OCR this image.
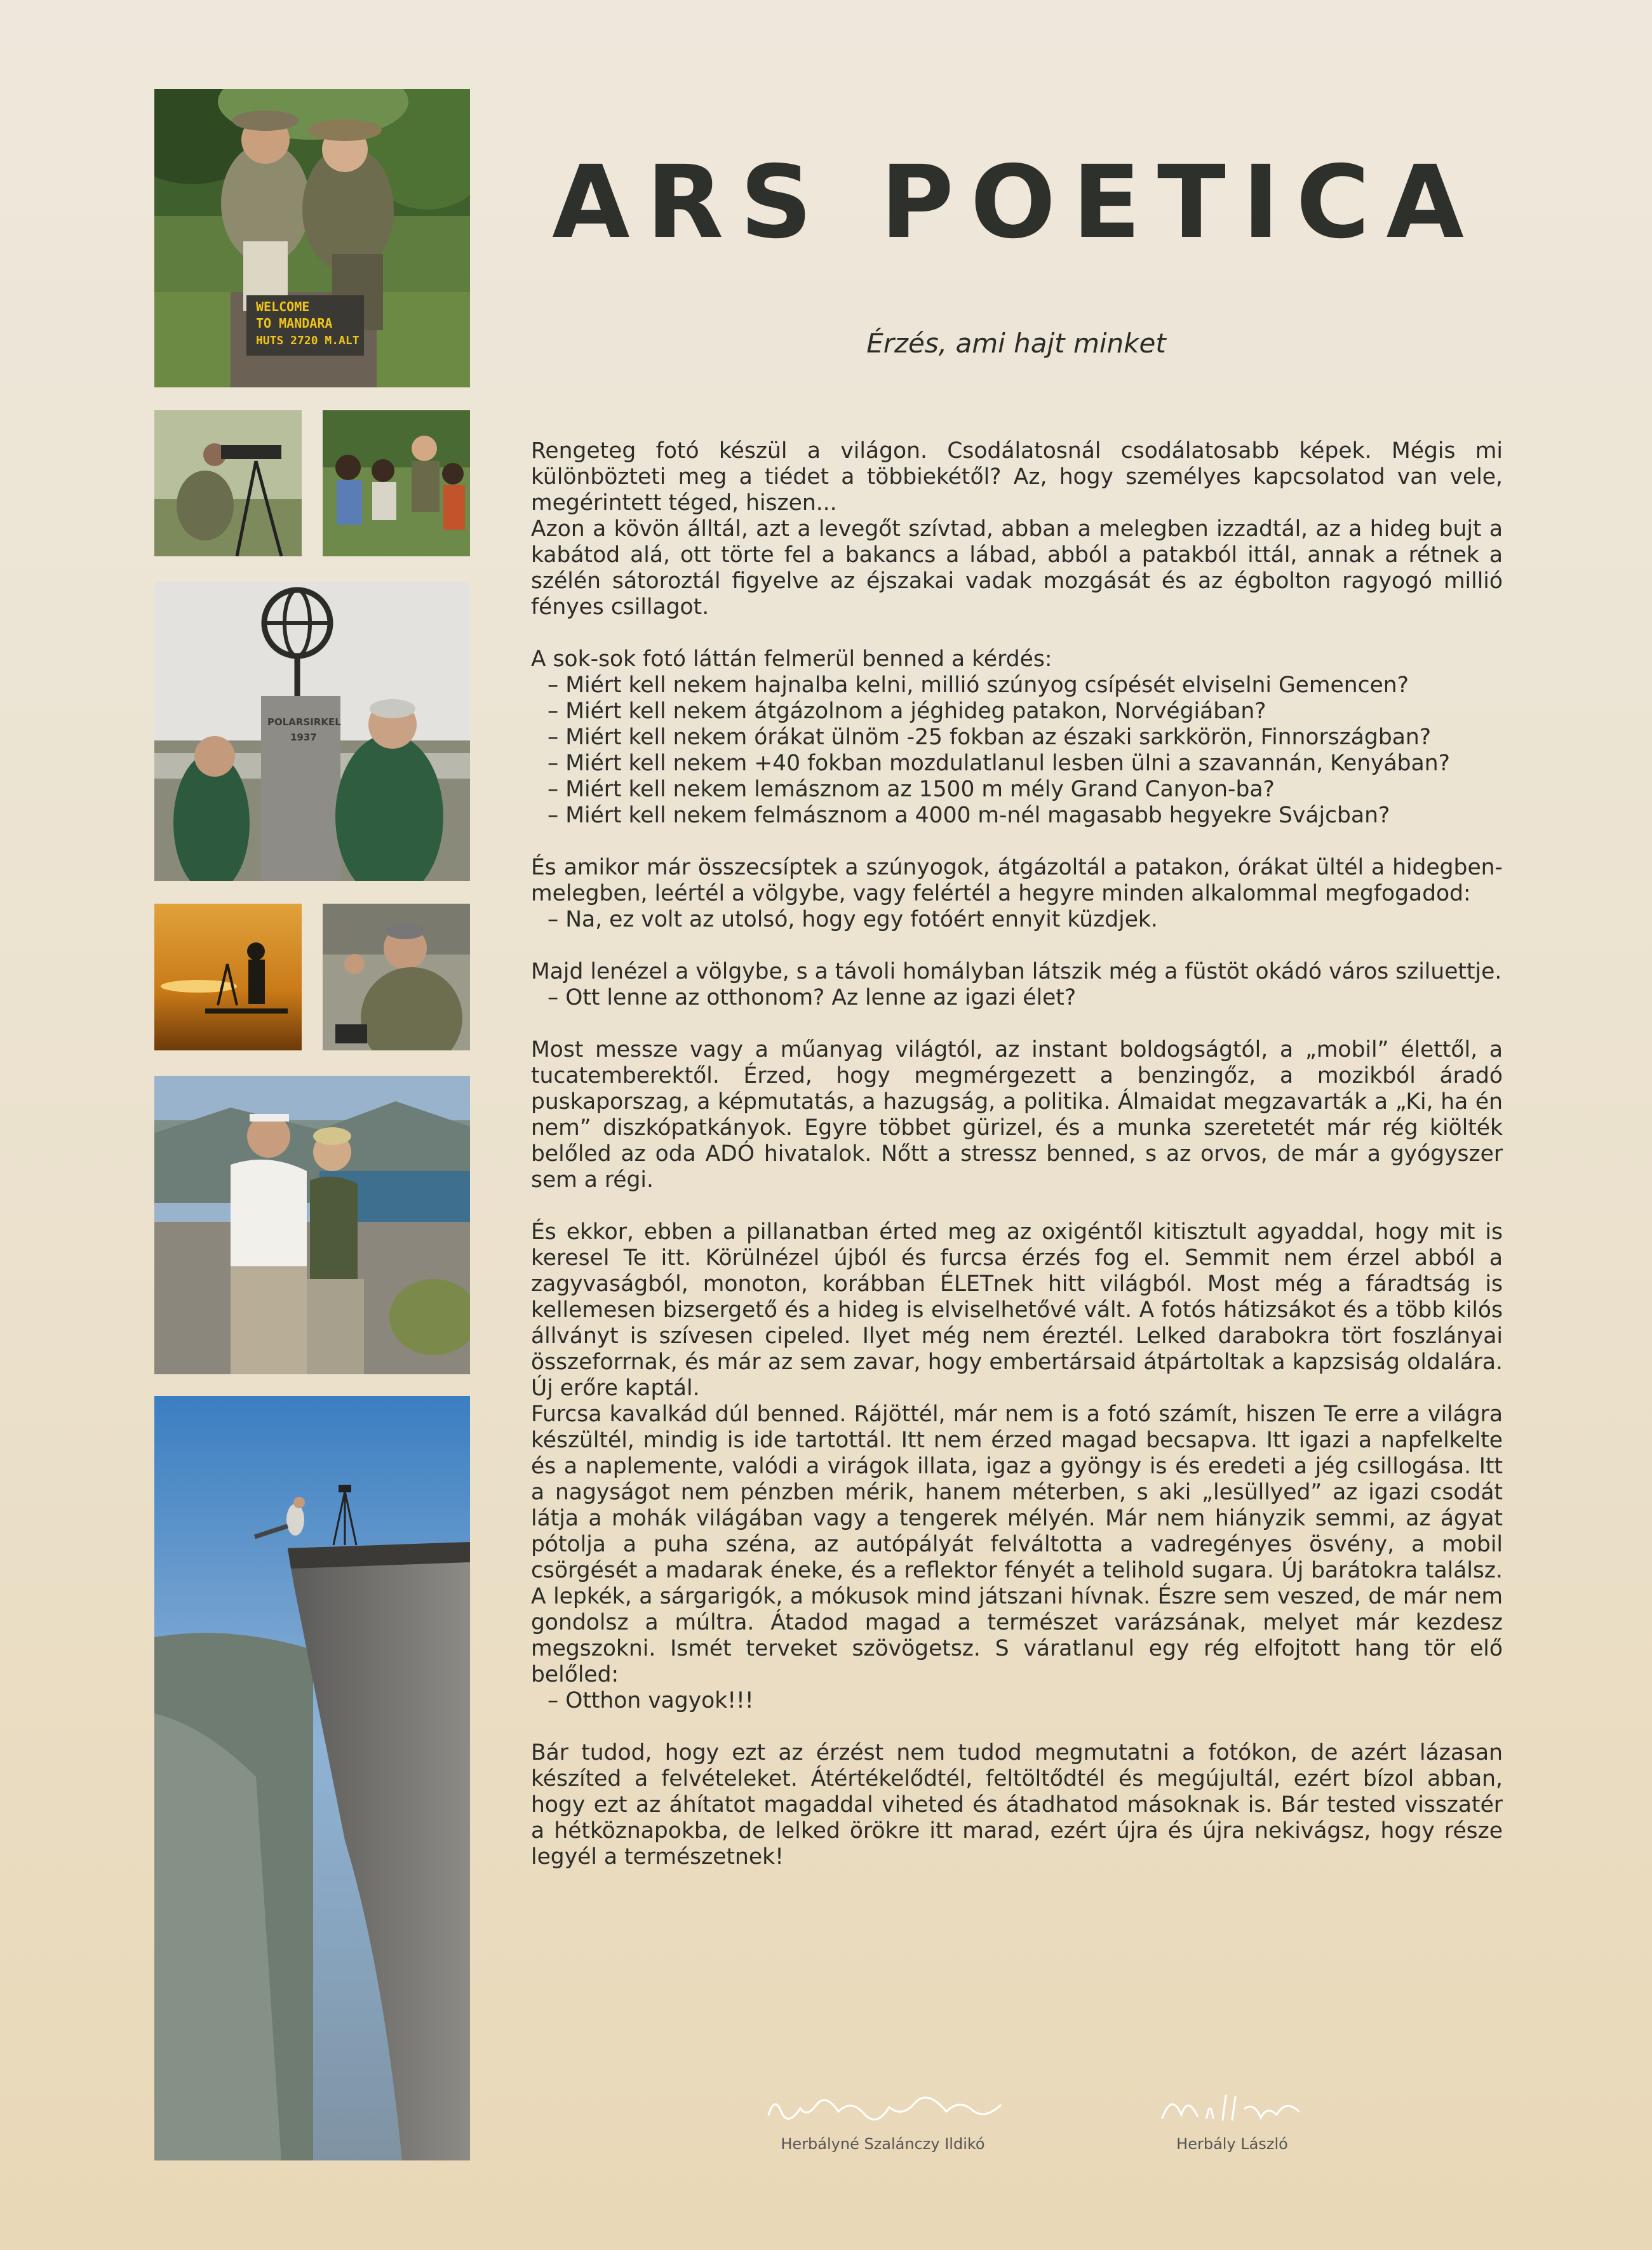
WELCOME
TO MANDARA
HUTS 2720 M.ALT
POLARSIRKEL
1937
ARS POETICA
Érzés, ami hajt minket

Rengeteg fotó készül a világon. Csodálatosnál csodálatosabb képek. Mégis mi különbözteti meg a tiédet a többiekétől? Az, hogy személyes kapcsolatod van vele, megérintett téged, hiszen...

Azon a kövön álltál, azt a levegőt szívtad, abban a melegben izzadtál, az a hideg bujt a kabátod alá, ott törte fel a bakancs a lábad, abból a patakból ittál, annak a rétnek a szélén sátoroztál figyelve az éjszakai vadak mozgását és az égbolton ragyogó millió fényes csillagot.

A sok-sok fotó láttán felmerül benned a kérdés:

– Miért kell nekem hajnalba kelni, millió szúnyog csípését elviselni Gemencen?

– Miért kell nekem átgázolnom a jéghideg patakon, Norvégiában?

– Miért kell nekem órákat ülnöm -25 fokban az északi sarkkörön, Finnországban?

– Miért kell nekem +40 fokban mozdulatlanul lesben ülni a szavannán, Kenyában?

– Miért kell nekem lemásznom az 1500 m mély Grand Canyon-ba?

– Miért kell nekem felmásznom a 4000 m-nél magasabb hegyekre Svájcban?

És amikor már összecsíptek a szúnyogok, átgázoltál a patakon, órákat ültél a hidegben-melegben, leértél a völgybe, vagy felértél a hegyre minden alkalommal megfogadod:

– Na, ez volt az utolsó, hogy egy fotóért ennyit küzdjek.

Majd lenézel a völgybe, s a távoli homályban látszik még a füstöt okádó város sziluettje.

– Ott lenne az otthonom? Az lenne az igazi élet?

Most messze vagy a műanyag világtól, az instant boldogságtól, a „mobil” élettől, a tucatemberektől. Érzed, hogy megmérgezett a benzingőz, a mozikból áradó puskaporszag, a képmutatás, a hazugság, a politika. Álmaidat megzavarták a „Ki, ha én nem” diszkópatkányok. Egyre többet gürizel, és a munka szeretetét már rég kiölték belőled az oda ADÓ hivatalok. Nőtt a stressz benned, s az orvos, de már a gyógyszer sem a régi.

És ekkor, ebben a pillanatban érted meg az oxigéntől kitisztult agyaddal, hogy mit is keresel Te itt. Körülnézel újból és furcsa érzés fog el. Semmit nem érzel abból a zagyvaságból, monoton, korábban ÉLETnek hitt világból. Most még a fáradtság is kellemesen bizsergető és a hideg is elviselhetővé vált. A fotós hátizsákot és a több kilós állványt is szívesen cipeled. Ilyet még nem éreztél. Lelked darabokra tört foszlányai összeforrnak, és már az sem zavar, hogy embertársaid átpártoltak a kapzsiság oldalára. Új erőre kaptál.

Furcsa kavalkád dúl benned. Rájöttél, már nem is a fotó számít, hiszen Te erre a világra készültél, mindig is ide tartottál. Itt nem érzed magad becsapva. Itt igazi a napfelkelte és a naplemente, valódi a virágok illata, igaz a gyöngy is és eredeti a jég csillogása. Itt a nagyságot nem pénzben mérik, hanem méterben, s aki „lesüllyed” az igazi csodát látja a mohák világában vagy a tengerek mélyén. Már nem hiányzik semmi, az ágyat pótolja a puha széna, az autópályát felváltotta a vadregényes ösvény, a mobil csörgését a madarak éneke, és a reflektor fényét a telihold sugara. Új barátokra találsz. A lepkék, a sárgarigók, a mókusok mind játszani hívnak. Észre sem veszed, de már nem gondolsz a múltra. Átadod magad a természet varázsának, melyet már kezdesz megszokni. Ismét terveket szövögetsz. S váratlanul egy rég elfojtott hang tör elő belőled:

– Otthon vagyok!!!

Bár tudod, hogy ezt az érzést nem tudod megmutatni a fotókon, de azért lázasan készíted a felvételeket. Átértékelődtél, feltöltődtél és megújultál, ezért bízol abban, hogy ezt az áhítatot magaddal viheted és átadhatod másoknak is. Bár tested visszatér a hétköznapokba, de lelked örökre itt marad, ezért újra és újra nekivágsz, hogy része legyél a természetnek!

Herbályné Szalánczy Ildikó	Herbály László
